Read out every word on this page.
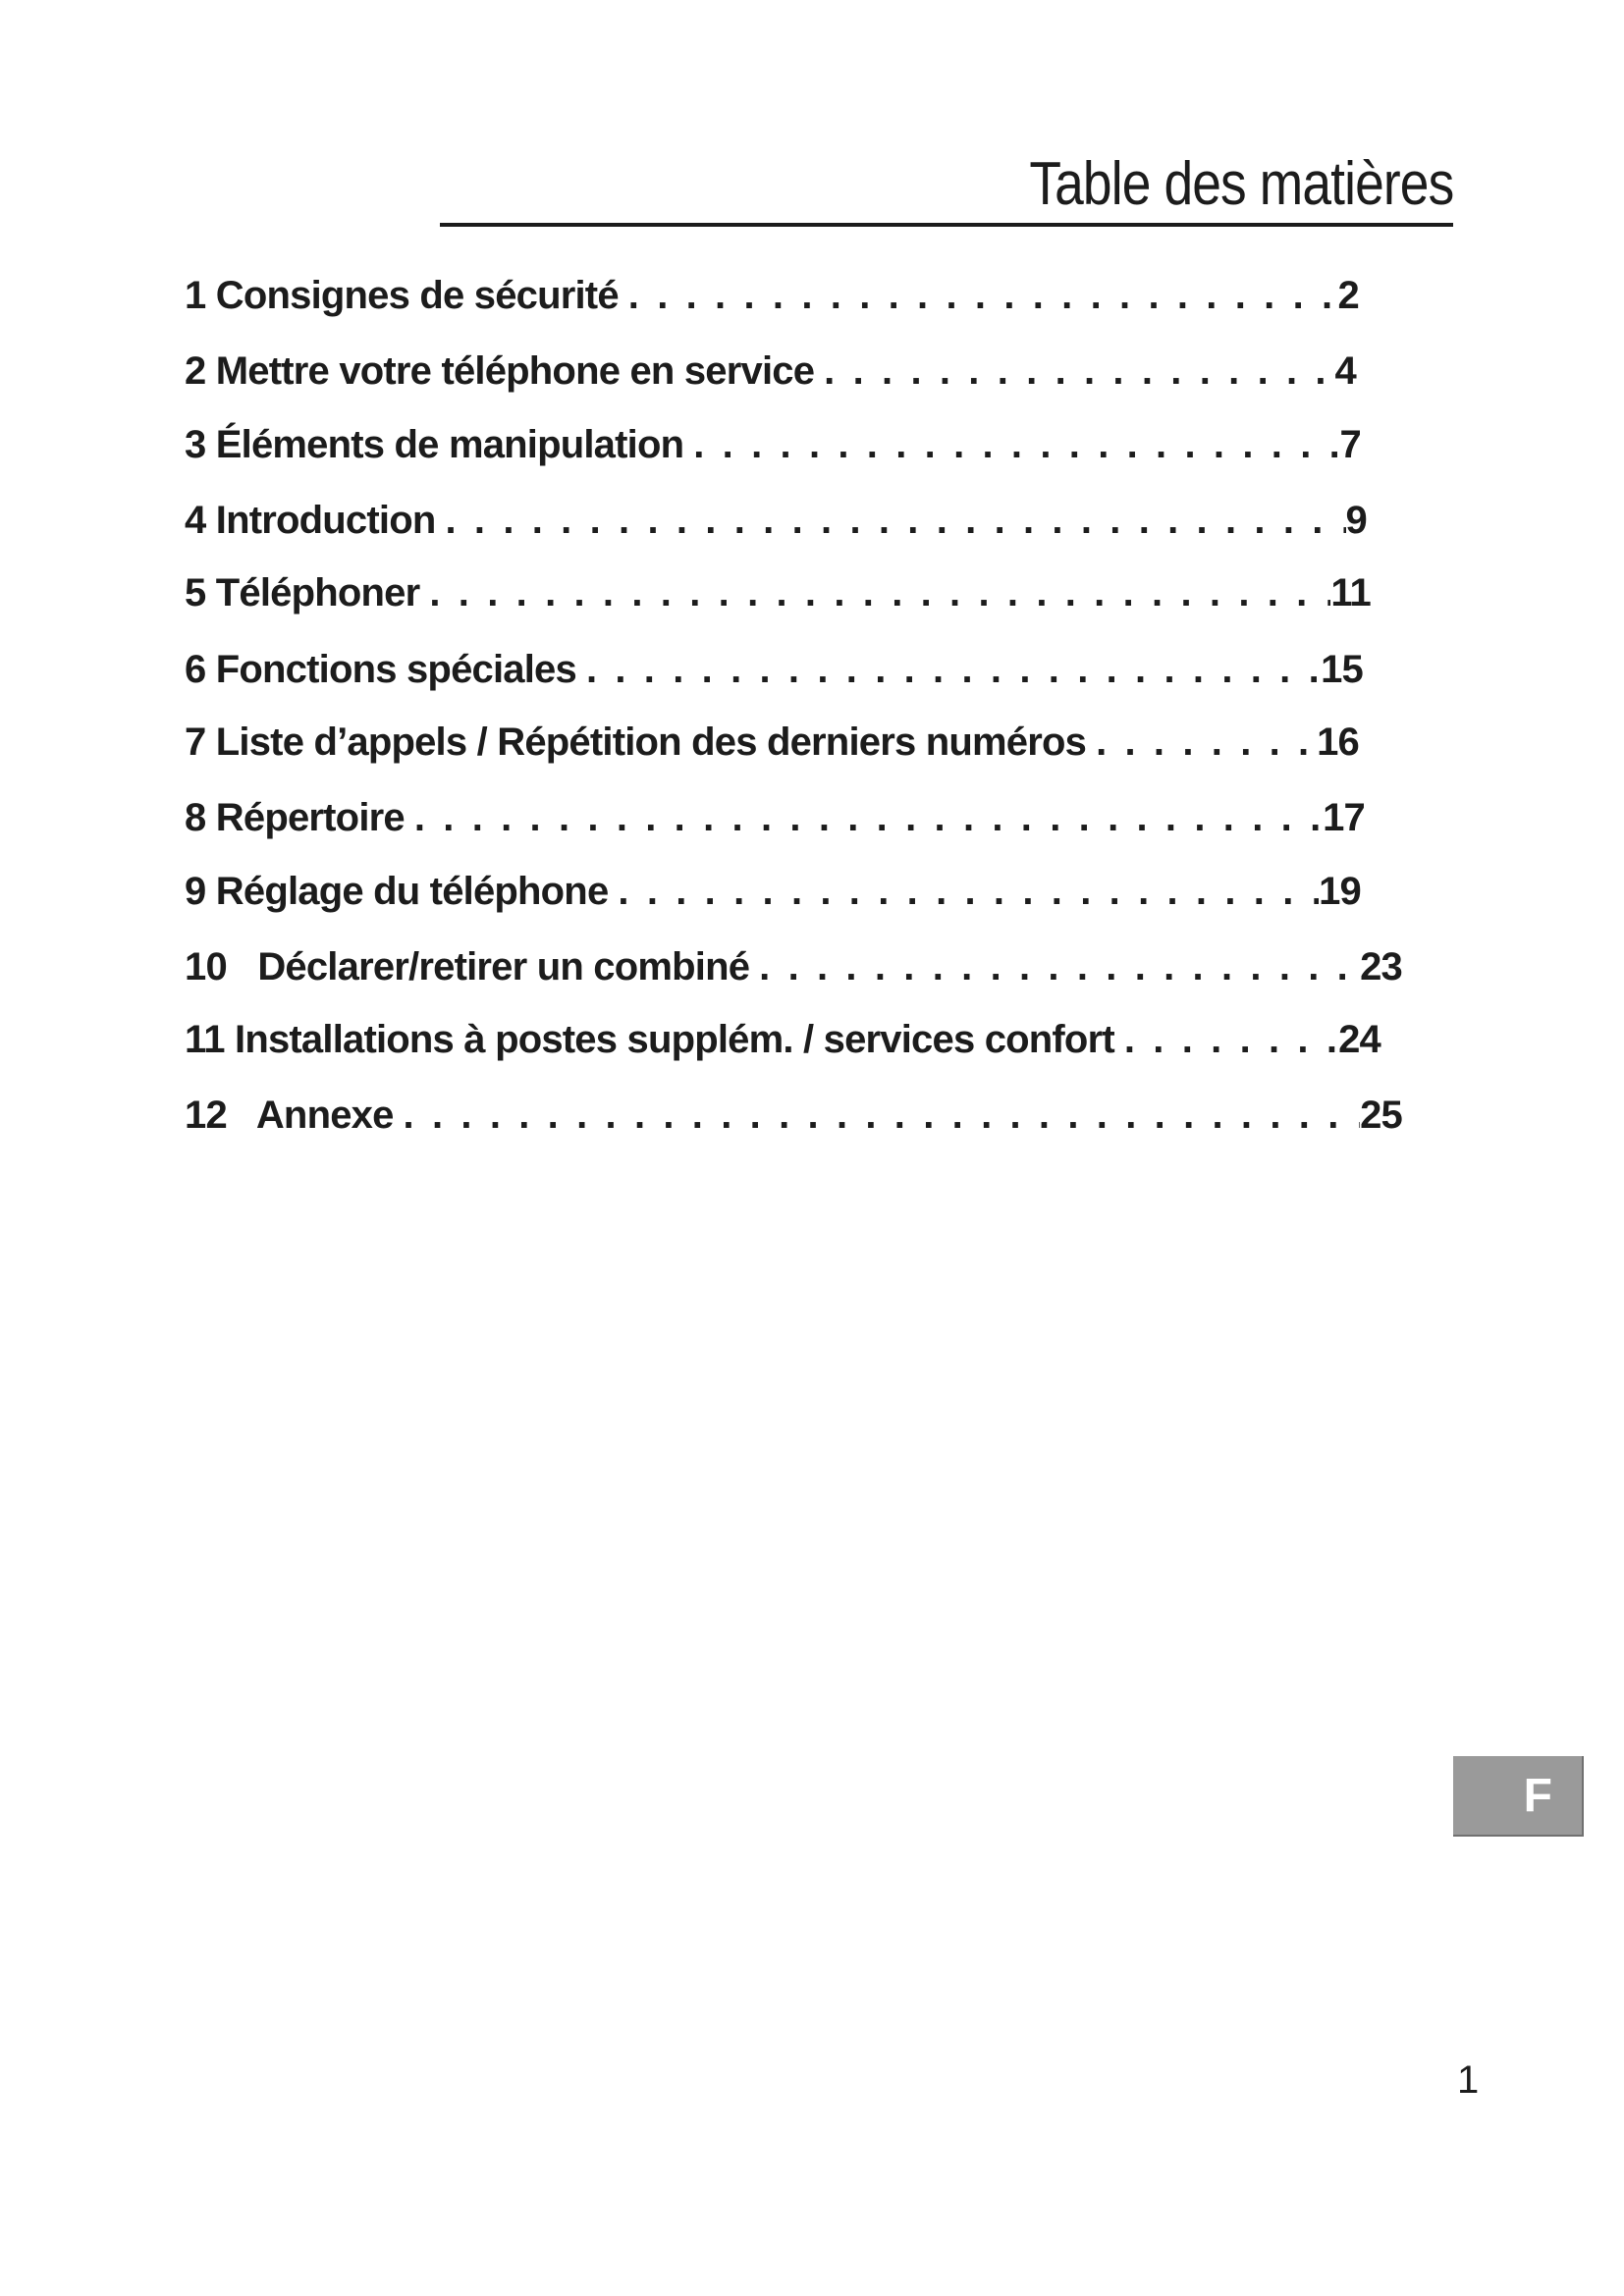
Table des matières
1 Consignes de sécurité . . .	2
2 Mettre votre téléphone en service . . .	4
3 Éléments de manipulation . . .	7
4 Introduction . . .	9
5 Téléphoner . . .	11
6 Fonctions spéciales . . .	15
7 Liste d’appels / Répétition des derniers numéros . . .	16
8 Répertoire . . .	17
9 Réglage du téléphone . . .	19
10 Déclarer/retirer un combiné . . .	23
11 Installations à postes supplém. / services confort . . .	24
12 Annexe . . .	25
F
1
